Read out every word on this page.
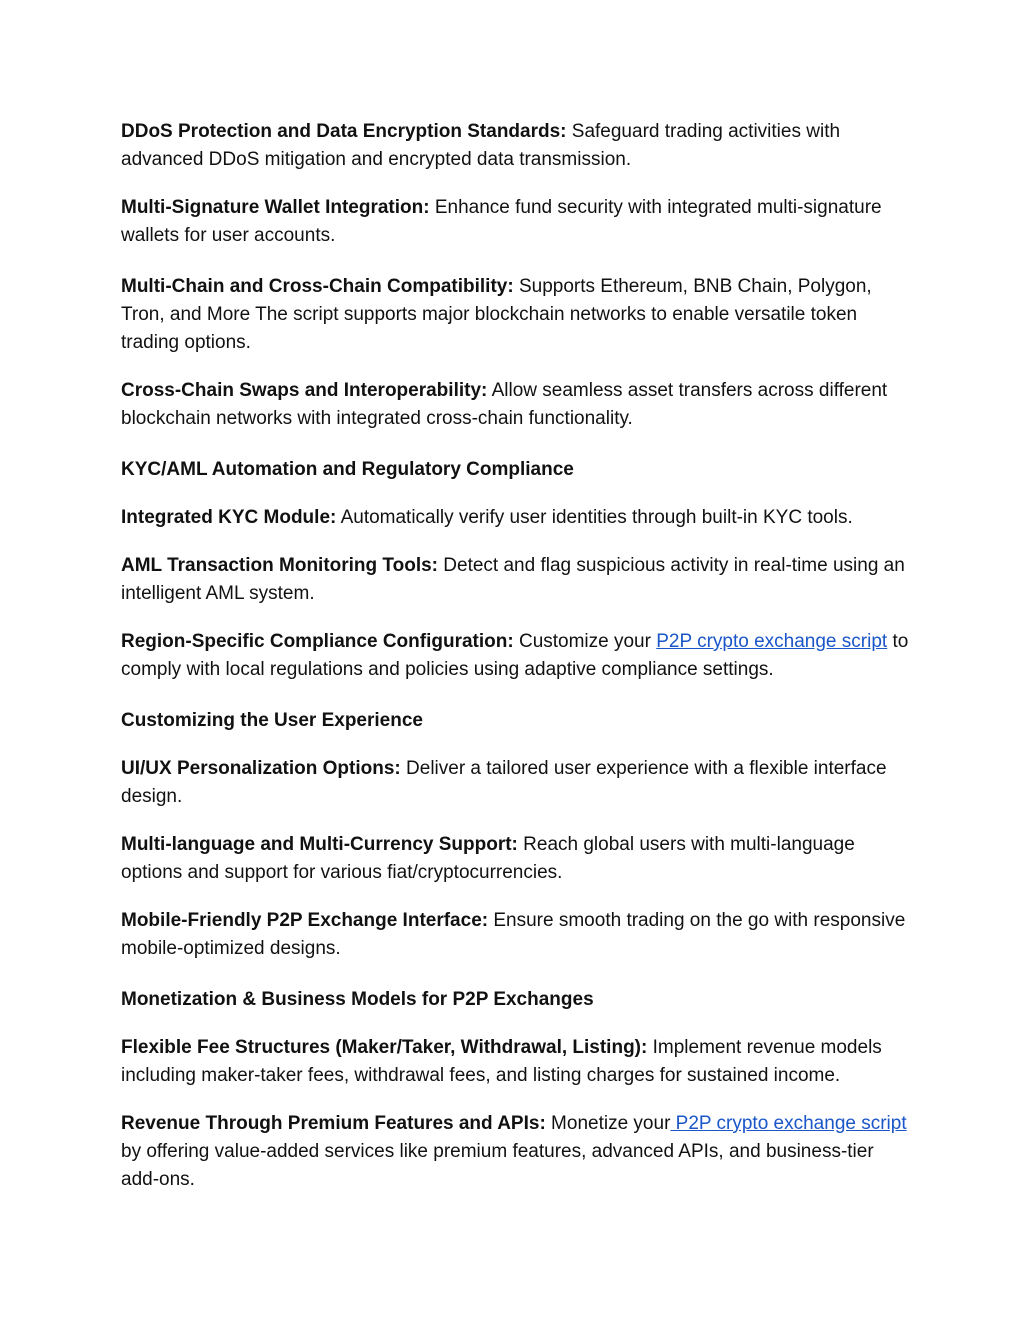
DDoS Protection and Data Encryption Standards: Safeguard trading activities with advanced DDoS mitigation and encrypted data transmission.

Multi-Signature Wallet Integration: Enhance fund security with integrated multi-signature wallets for user accounts.

Multi-Chain and Cross-Chain Compatibility: Supports Ethereum, BNB Chain, Polygon, Tron, and More The script supports major blockchain networks to enable versatile token trading options.

Cross-Chain Swaps and Interoperability: Allow seamless asset transfers across different blockchain networks with integrated cross-chain functionality.

KYC/AML Automation and Regulatory Compliance

Integrated KYC Module: Automatically verify user identities through built-in KYC tools.

AML Transaction Monitoring Tools: Detect and flag suspicious activity in real-time using an intelligent AML system.

Region-Specific Compliance Configuration: Customize your P2P crypto exchange script to comply with local regulations and policies using adaptive compliance settings.

Customizing the User Experience

UI/UX Personalization Options: Deliver a tailored user experience with a flexible interface design.

Multi-language and Multi-Currency Support: Reach global users with multi-language options and support for various fiat/cryptocurrencies.

Mobile-Friendly P2P Exchange Interface: Ensure smooth trading on the go with responsive mobile-optimized designs.

Monetization & Business Models for P2P Exchanges

Flexible Fee Structures (Maker/Taker, Withdrawal, Listing): Implement revenue models including maker-taker fees, withdrawal fees, and listing charges for sustained income.

Revenue Through Premium Features and APIs: Monetize your P2P crypto exchange script by offering value-added services like premium features, advanced APIs, and business-tier add-ons.
